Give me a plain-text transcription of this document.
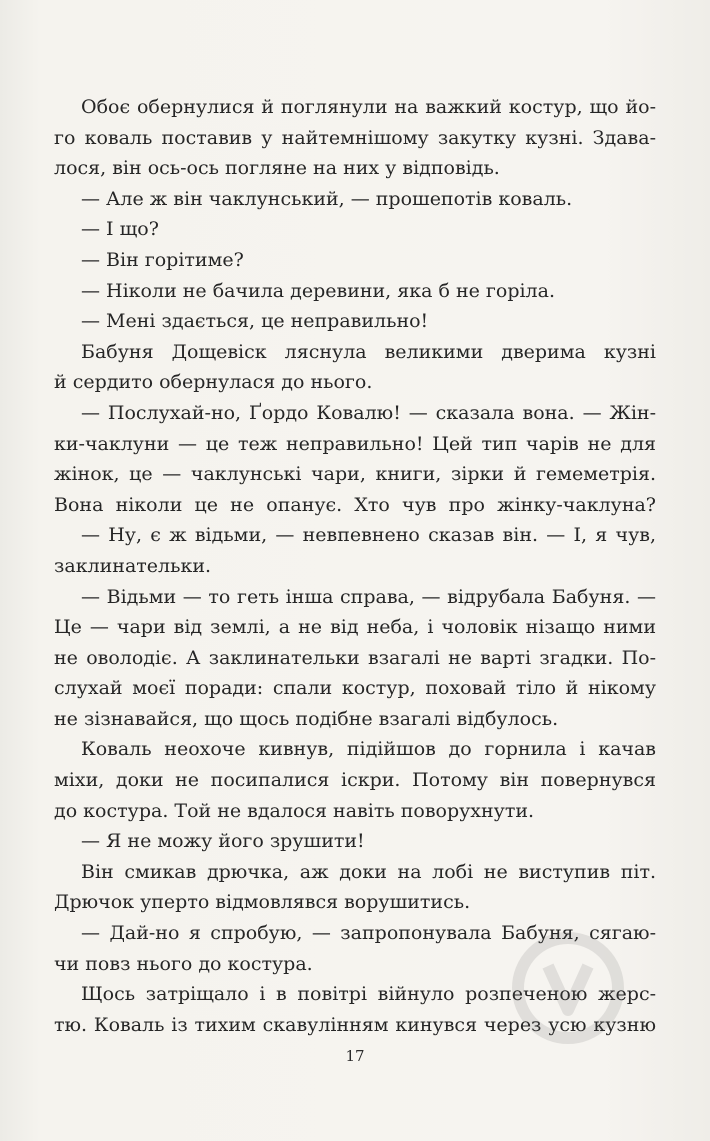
Обоє обернулися й поглянули на важкий костур, що йо-
го коваль поставив у найтемнішому закутку кузні. Здава-
лося, він ось-ось погляне на них у відповідь.
— Але ж він чаклунський, — прошепотів коваль.
— І що?
— Він горітиме?
— Ніколи не бачила деревини, яка б не горіла.
— Мені здається, це неправильно!
Бабуня Дощевіск ляснула великими дверима кузні
й сердито обернулася до нього.
— Послухай-но, Ґордо Ковалю! — сказала вона. — Жін-
ки-чаклуни — це теж неправильно! Цей тип чарів не для
жінок, це — чаклунські чари, книги, зірки й гемеметрія.
Вона ніколи це не опанує. Хто чув про жінку-чаклуна?
— Ну, є ж відьми, — невпевнено сказав він. — І, я чув,
заклинательки.
— Відьми — то геть інша справа, — відрубала Бабуня. —
Це — чари від землі, а не від неба, і чоловік нізащо ними
не оволодіє. А заклинательки взагалі не варті згадки. По-
слухай моєї поради: спали костур, поховай тіло й нікому
не зізнавайся, що щось подібне взагалі відбулось.
Коваль неохоче кивнув, підійшов до горнила і качав
міхи, доки не посипалися іскри. Потому він повернувся
до костура. Той не вдалося навіть поворухнути.
— Я не можу його зрушити!
Він смикав дрючка, аж доки на лобі не виступив піт.
Дрючок уперто відмовлявся ворушитись.
— Дай-но я спробую, — запропонувала Бабуня, сягаю-
чи повз нього до костура.
Щось затріщало і в повітрі війнуло розпеченою жерс-
тю. Коваль із тихим скавулінням кинувся через усю кузню
17
